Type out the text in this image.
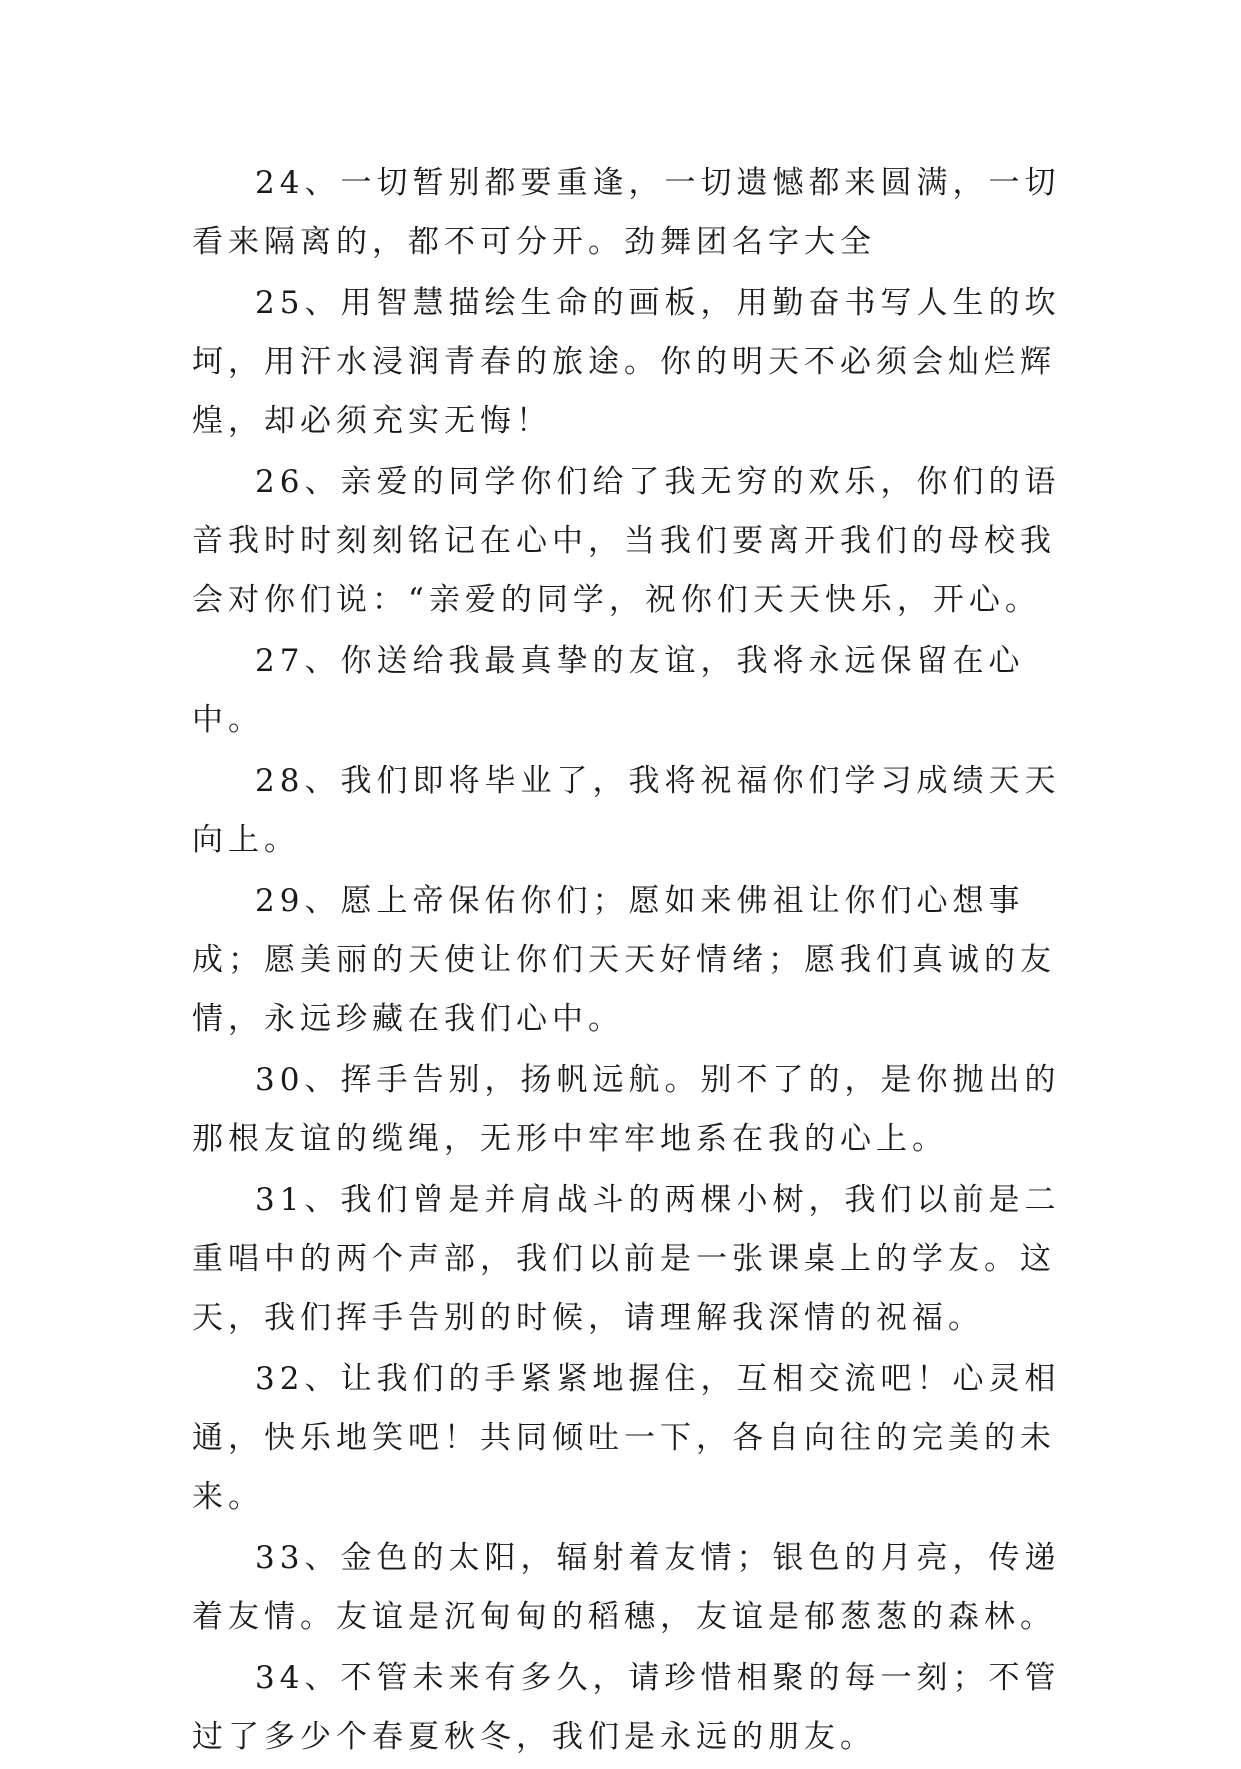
24、一切暂别都要重逢，一切遗憾都来圆满，一切看来隔离的，都不可分开。劲舞团名字大全

25、用智慧描绘生命的画板，用勤奋书写人生的坎坷，用汗水浸润青春的旅途。你的明天不必须会灿烂辉煌，却必须充实无悔！

26、亲爱的同学你们给了我无穷的欢乐，你们的语音我时时刻刻铭记在心中，当我们要离开我们的母校我会对你们说：“亲爱的同学，祝你们天天快乐，开心。

27、你送给我最真挚的友谊，我将永远保留在心中。

28、我们即将毕业了，我将祝福你们学习成绩天天向上。

29、愿上帝保佑你们；愿如来佛祖让你们心想事成；愿美丽的天使让你们天天好情绪；愿我们真诚的友情，永远珍藏在我们心中。

30、挥手告别，扬帆远航。别不了的，是你抛出的那根友谊的缆绳，无形中牢牢地系在我的心上。

31、我们曾是并肩战斗的两棵小树，我们以前是二重唱中的两个声部，我们以前是一张课桌上的学友。这天，我们挥手告别的时候，请理解我深情的祝福。

32、让我们的手紧紧地握住，互相交流吧！心灵相通，快乐地笑吧！共同倾吐一下，各自向往的完美的未来。

33、金色的太阳，辐射着友情；银色的月亮，传递着友情。友谊是沉甸甸的稻穗，友谊是郁葱葱的森林。

34、不管未来有多久，请珍惜相聚的每一刻；不管过了多少个春夏秋冬，我们是永远的朋友。
